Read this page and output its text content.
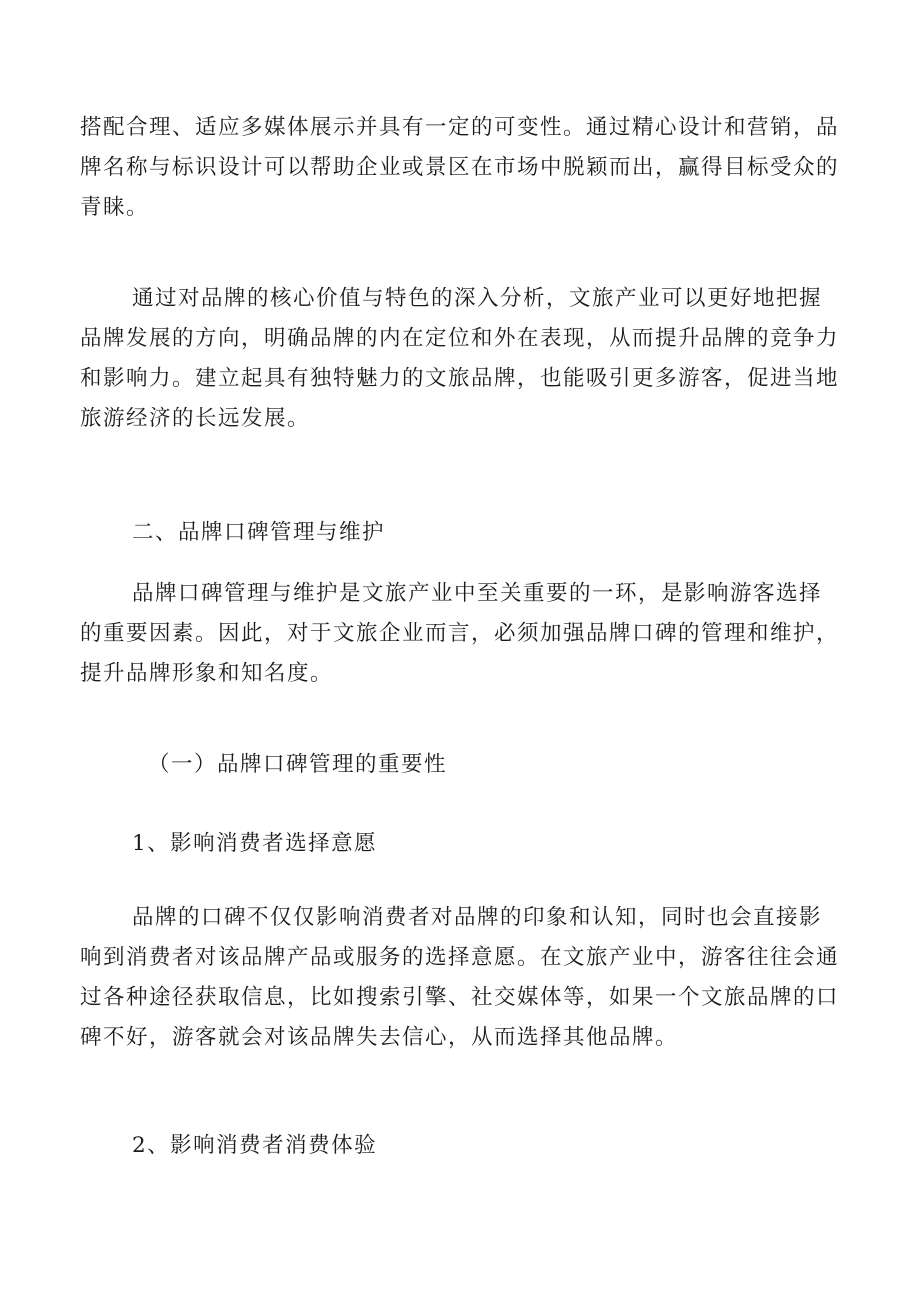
搭配合理、适应多媒体展示并具有一定的可变性。通过精心设计和营销，品
牌名称与标识设计可以帮助企业或景区在市场中脱颖而出，赢得目标受众的
青睐。
通过对品牌的核心价值与特色的深入分析，文旅产业可以更好地把握
品牌发展的方向，明确品牌的内在定位和外在表现，从而提升品牌的竞争力
和影响力。建立起具有独特魅力的文旅品牌，也能吸引更多游客，促进当地
旅游经济的长远发展。
二、品牌口碑管理与维护
品牌口碑管理与维护是文旅产业中至关重要的一环，是影响游客选择
的重要因素。因此，对于文旅企业而言，必须加强品牌口碑的管理和维护，
提升品牌形象和知名度。
（一）品牌口碑管理的重要性
1、影响消费者选择意愿
品牌的口碑不仅仅影响消费者对品牌的印象和认知，同时也会直接影
响到消费者对该品牌产品或服务的选择意愿。在文旅产业中，游客往往会通
过各种途径获取信息，比如搜索引擎、社交媒体等，如果一个文旅品牌的口
碑不好，游客就会对该品牌失去信心，从而选择其他品牌。
2、影响消费者消费体验
